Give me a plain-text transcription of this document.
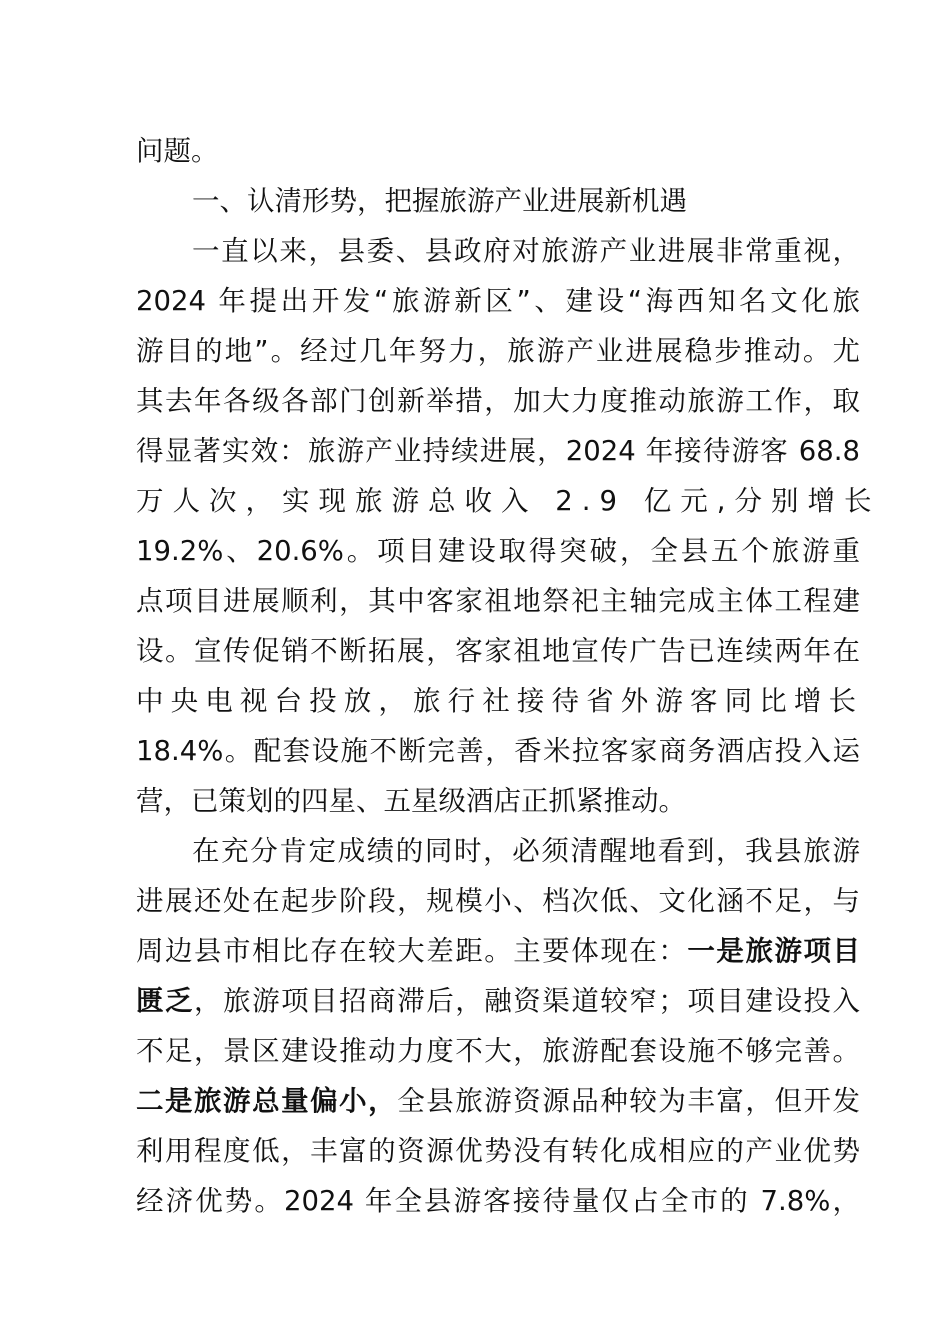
问题。
一、认清形势，把握旅游产业进展新机遇
一直以来，县委、县政府对旅游产业进展非常重视，
2024 年提出开发“旅游新区”、建设“海西知名文化旅
游目的地”。经过几年努力，旅游产业进展稳步推动。尤
其去年各级各部门创新举措，加大力度推动旅游工作，取
得显著实效：旅游产业持续进展，2024 年接待游客 68.8
万人次，实现旅游总收入 2.9 亿元,分别增长
19.2%、20.6%。项目建设取得突破，全县五个旅游重
点项目进展顺利，其中客家祖地祭祀主轴完成主体工程建
设。宣传促销不断拓展，客家祖地宣传广告已连续两年在
中央电视台投放，旅行社接待省外游客同比增长
18.4%。配套设施不断完善，香米拉客家商务酒店投入运
营，已策划的四星、五星级酒店正抓紧推动。
在充分肯定成绩的同时，必须清醒地看到，我县旅游
进展还处在起步阶段，规模小、档次低、文化涵不足，与
周边县市相比存在较大差距。主要体现在：一是旅游项目
匮乏，旅游项目招商滞后，融资渠道较窄；项目建设投入
不足，景区建设推动力度不大，旅游配套设施不够完善。
二是旅游总量偏小，全县旅游资源品种较为丰富，但开发
利用程度低，丰富的资源优势没有转化成相应的产业优势
经济优势。2024 年全县游客接待量仅占全市的 7.8%，
